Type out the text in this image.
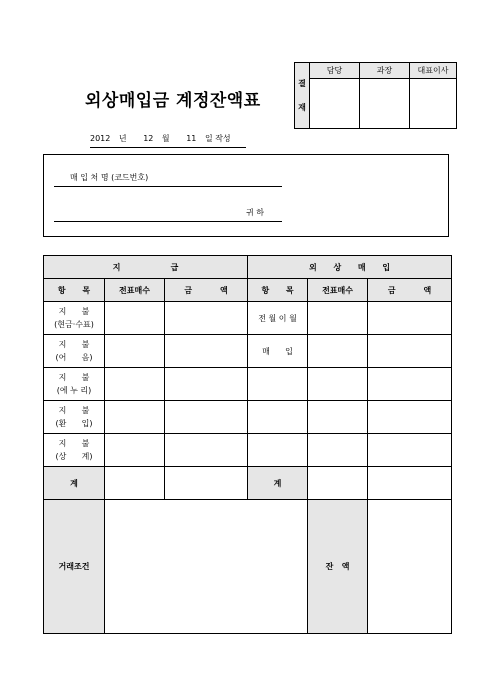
외상매입금 계정잔액표
결
재	담당	과장	대표이사

2012 년 12 월 11 일 작성
매 입 처 명 (코드번호)
귀 하
지                  급			외      상      매      입		
항      목	전표매수	금          액	항      목	전표매수	금          액

지      불
(현금·수표)			전 월 이 월		

지      불
(어      음)			매      입		

지      불
(에 누 리)					

지      불
(환      입)					

지      불
(상      계)					

계			계		
거래조건				잔   액	
